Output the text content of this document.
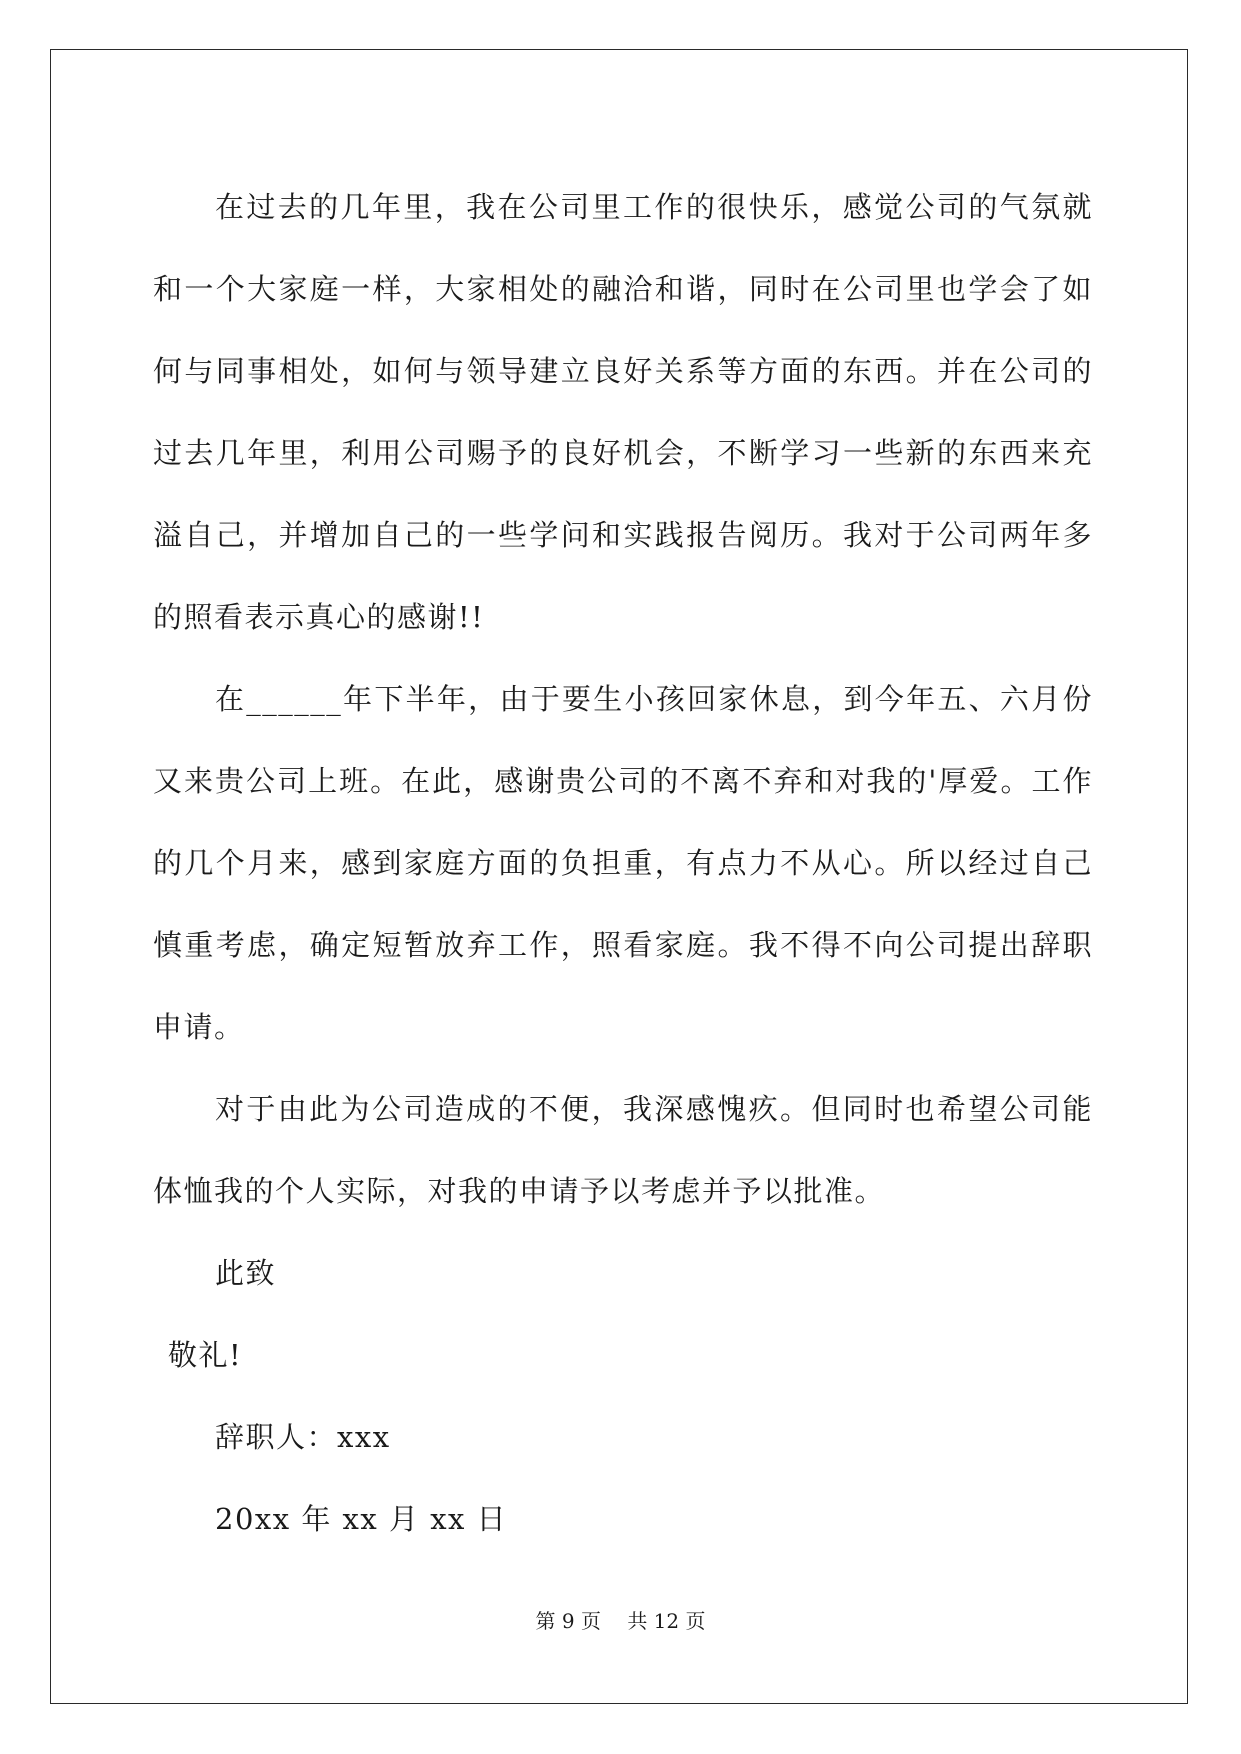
在过去的几年里，我在公司里工作的很快乐，感觉公司的气氛就和一个大家庭一样，大家相处的融洽和谐，同时在公司里也学会了如何与同事相处，如何与领导建立良好关系等方面的东西。并在公司的过去几年里，利用公司赐予的良好机会，不断学习一些新的东西来充溢自己，并增加自己的一些学问和实践报告阅历。我对于公司两年多的照看表示真心的感谢!!

在______年下半年，由于要生小孩回家休息，到今年五、六月份又来贵公司上班。在此，感谢贵公司的不离不弃和对我的'厚爱。工作的几个月来，感到家庭方面的负担重，有点力不从心。所以经过自己慎重考虑，确定短暂放弃工作，照看家庭。我不得不向公司提出辞职申请。

对于由此为公司造成的不便，我深感愧疚。但同时也希望公司能体恤我的个人实际，对我的申请予以考虑并予以批准。

此致

敬礼!

辞职人：xxx

20xx 年 xx 月 xx 日

第 9 页 共 12 页
